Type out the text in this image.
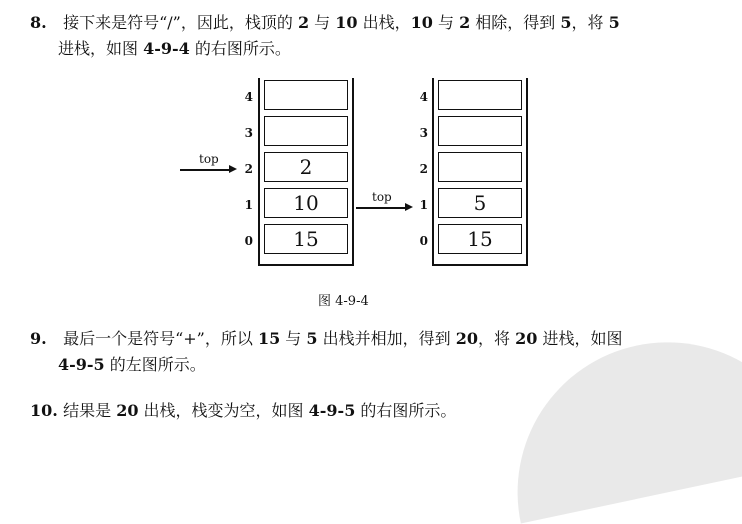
8. 接下来是符号“/”，因此，栈顶的 2 与 10 出栈，10 与 2 相除，得到 5，将 5
进栈，如图 4-9-4 的右图所示。
2
10
15
4
3
2
1
0
top
top	5
15
4
3
2
1
0
图 4-9-4
9. 最后一个是符号“+”，所以 15 与 5 出栈并相加，得到 20，将 20 进栈，如图
4-9-5 的左图所示。
10. 结果是 20 出栈，栈变为空，如图 4-9-5 的右图所示。
